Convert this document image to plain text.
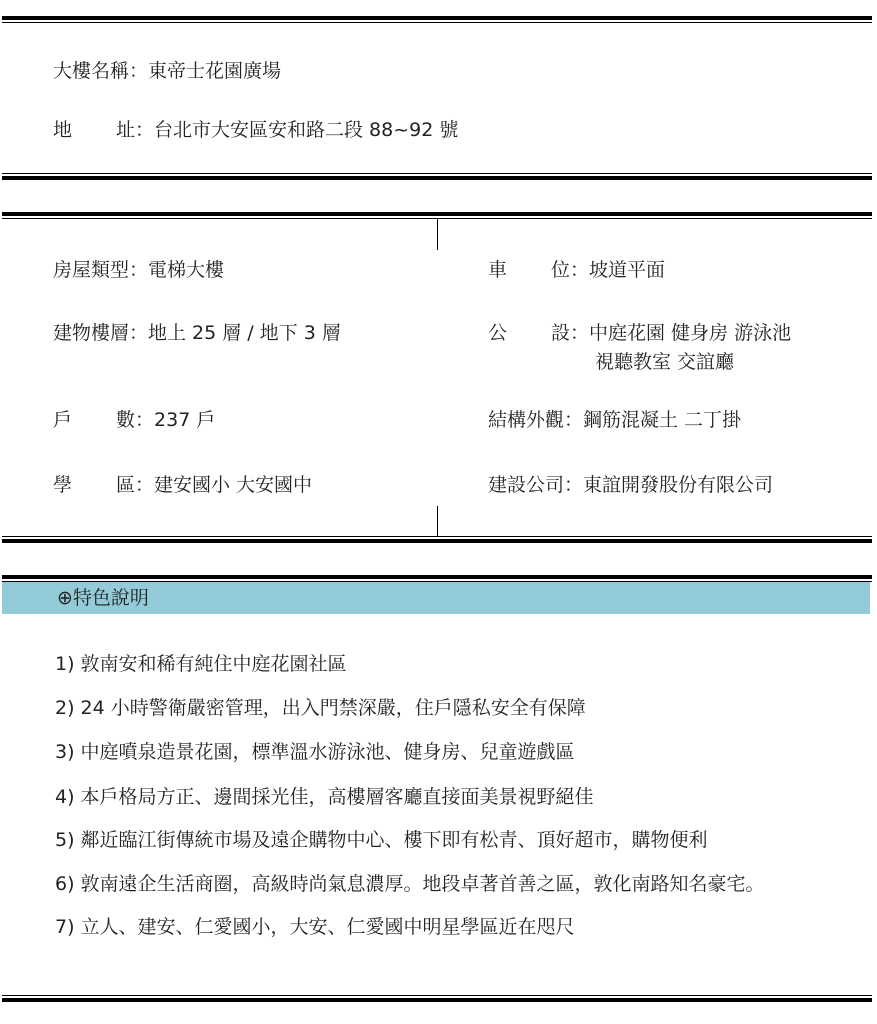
大樓名稱：東帝士花園廣場
地 址：台北市大安區安和路二段 88~92 號
房屋類型：電梯大樓
建物樓層：地上 25 層 / 地下 3 層
戶 數：237 戶
學 區：建安國小 大安國中
車 位：坡道平面
公 設：中庭花園 健身房 游泳池
視聽教室 交誼廳
結構外觀：鋼筋混凝土 二丁掛
建設公司：東誼開發股份有限公司
⊕特色說明
1) 敦南安和稀有純住中庭花園社區
2) 24 小時警衛嚴密管理，出入門禁深嚴，住戶隱私安全有保障
3) 中庭噴泉造景花園，標準溫水游泳池、健身房、兒童遊戲區
4) 本戶格局方正、邊間採光佳，高樓層客廳直接面美景視野絕佳
5) 鄰近臨江街傳統市場及遠企購物中心、樓下即有松青、頂好超市，購物便利
6) 敦南遠企生活商圈，高級時尚氣息濃厚。地段卓著首善之區，敦化南路知名豪宅。
7) 立人、建安、仁愛國小，大安、仁愛國中明星學區近在咫尺
